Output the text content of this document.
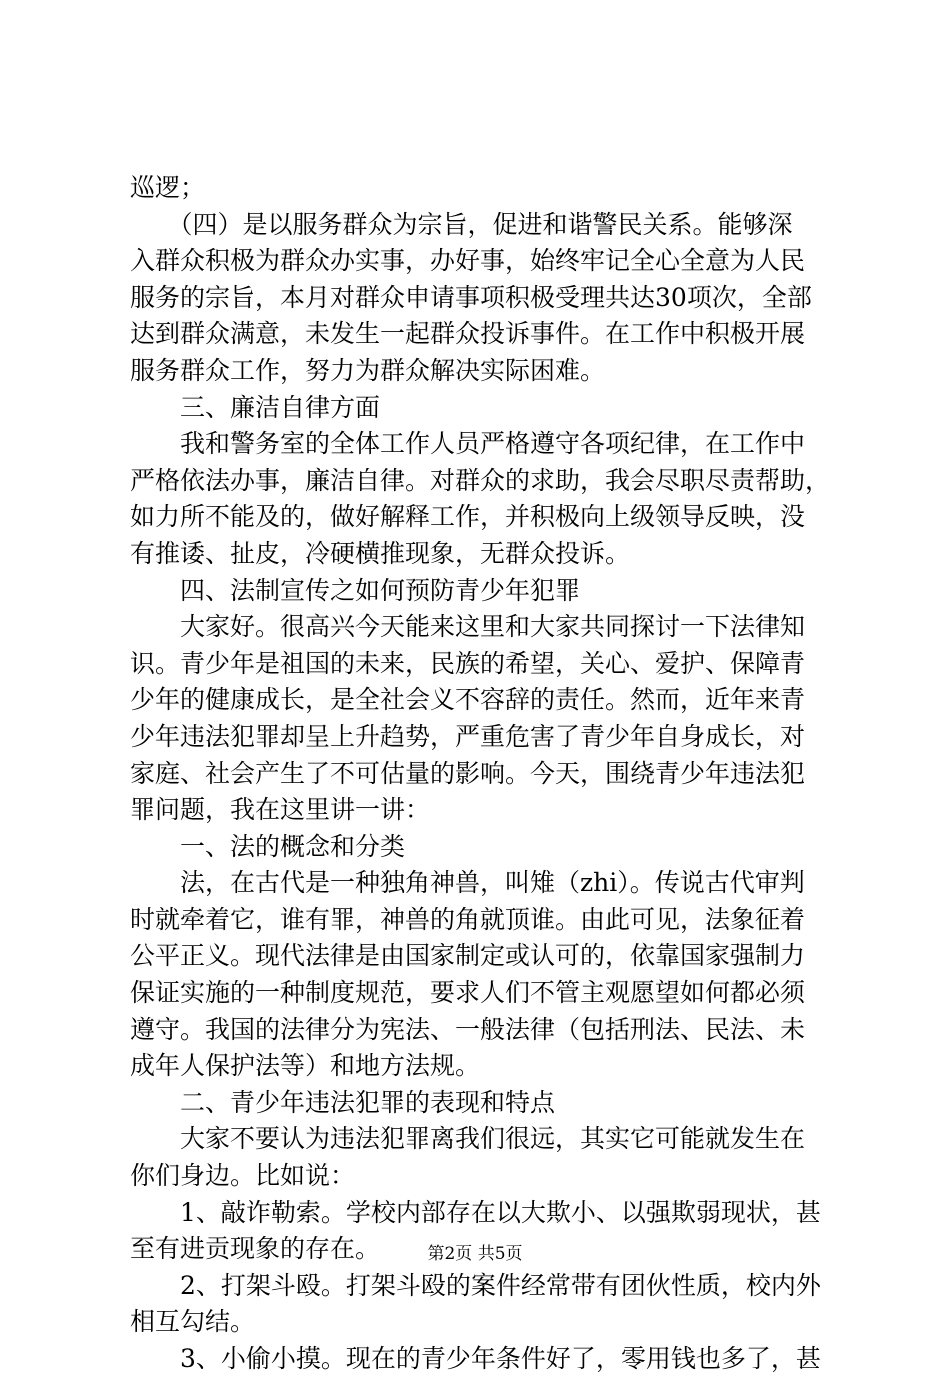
巡逻；
　　（四）是以服务群众为宗旨，促进和谐警民关系。能够深
入群众积极为群众办实事，办好事，始终牢记全心全意为人民
服务的宗旨，本月对群众申请事项积极受理共达30项次，全部
达到群众满意，未发生一起群众投诉事件。在工作中积极开展
服务群众工作，努力为群众解决实际困难。
　　三、廉洁自律方面
　　我和警务室的全体工作人员严格遵守各项纪律，在工作中
严格依法办事，廉洁自律。对群众的求助，我会尽职尽责帮助，
如力所不能及的，做好解释工作，并积极向上级领导反映，没
有推诿、扯皮，冷硬横推现象，无群众投诉。
　　四、法制宣传之如何预防青少年犯罪
　　大家好。很高兴今天能来这里和大家共同探讨一下法律知
识。青少年是祖国的未来，民族的希望，关心、爱护、保障青
少年的健康成长，是全社会义不容辞的责任。然而，近年来青
少年违法犯罪却呈上升趋势，严重危害了青少年自身成长，对
家庭、社会产生了不可估量的影响。今天，围绕青少年违法犯
罪问题，我在这里讲一讲：
　　一、法的概念和分类
　　法，在古代是一种独角神兽，叫雉（zhi）。传说古代审判
时就牵着它，谁有罪，神兽的角就顶谁。由此可见，法象征着
公平正义。现代法律是由国家制定或认可的，依靠国家强制力
保证实施的一种制度规范，要求人们不管主观愿望如何都必须
遵守。我国的法律分为宪法、一般法律（包括刑法、民法、未
成年人保护法等）和地方法规。
　　二、青少年违法犯罪的表现和特点
　　大家不要认为违法犯罪离我们很远，其实它可能就发生在
你们身边。比如说：
　　1、敲诈勒索。学校内部存在以大欺小、以强欺弱现状，甚
至有进贡现象的存在。
　　2、打架斗殴。打架斗殴的案件经常带有团伙性质，校内外
相互勾结。
　　3、小偷小摸。现在的青少年条件好了，零用钱也多了，甚
第2页 共5页
